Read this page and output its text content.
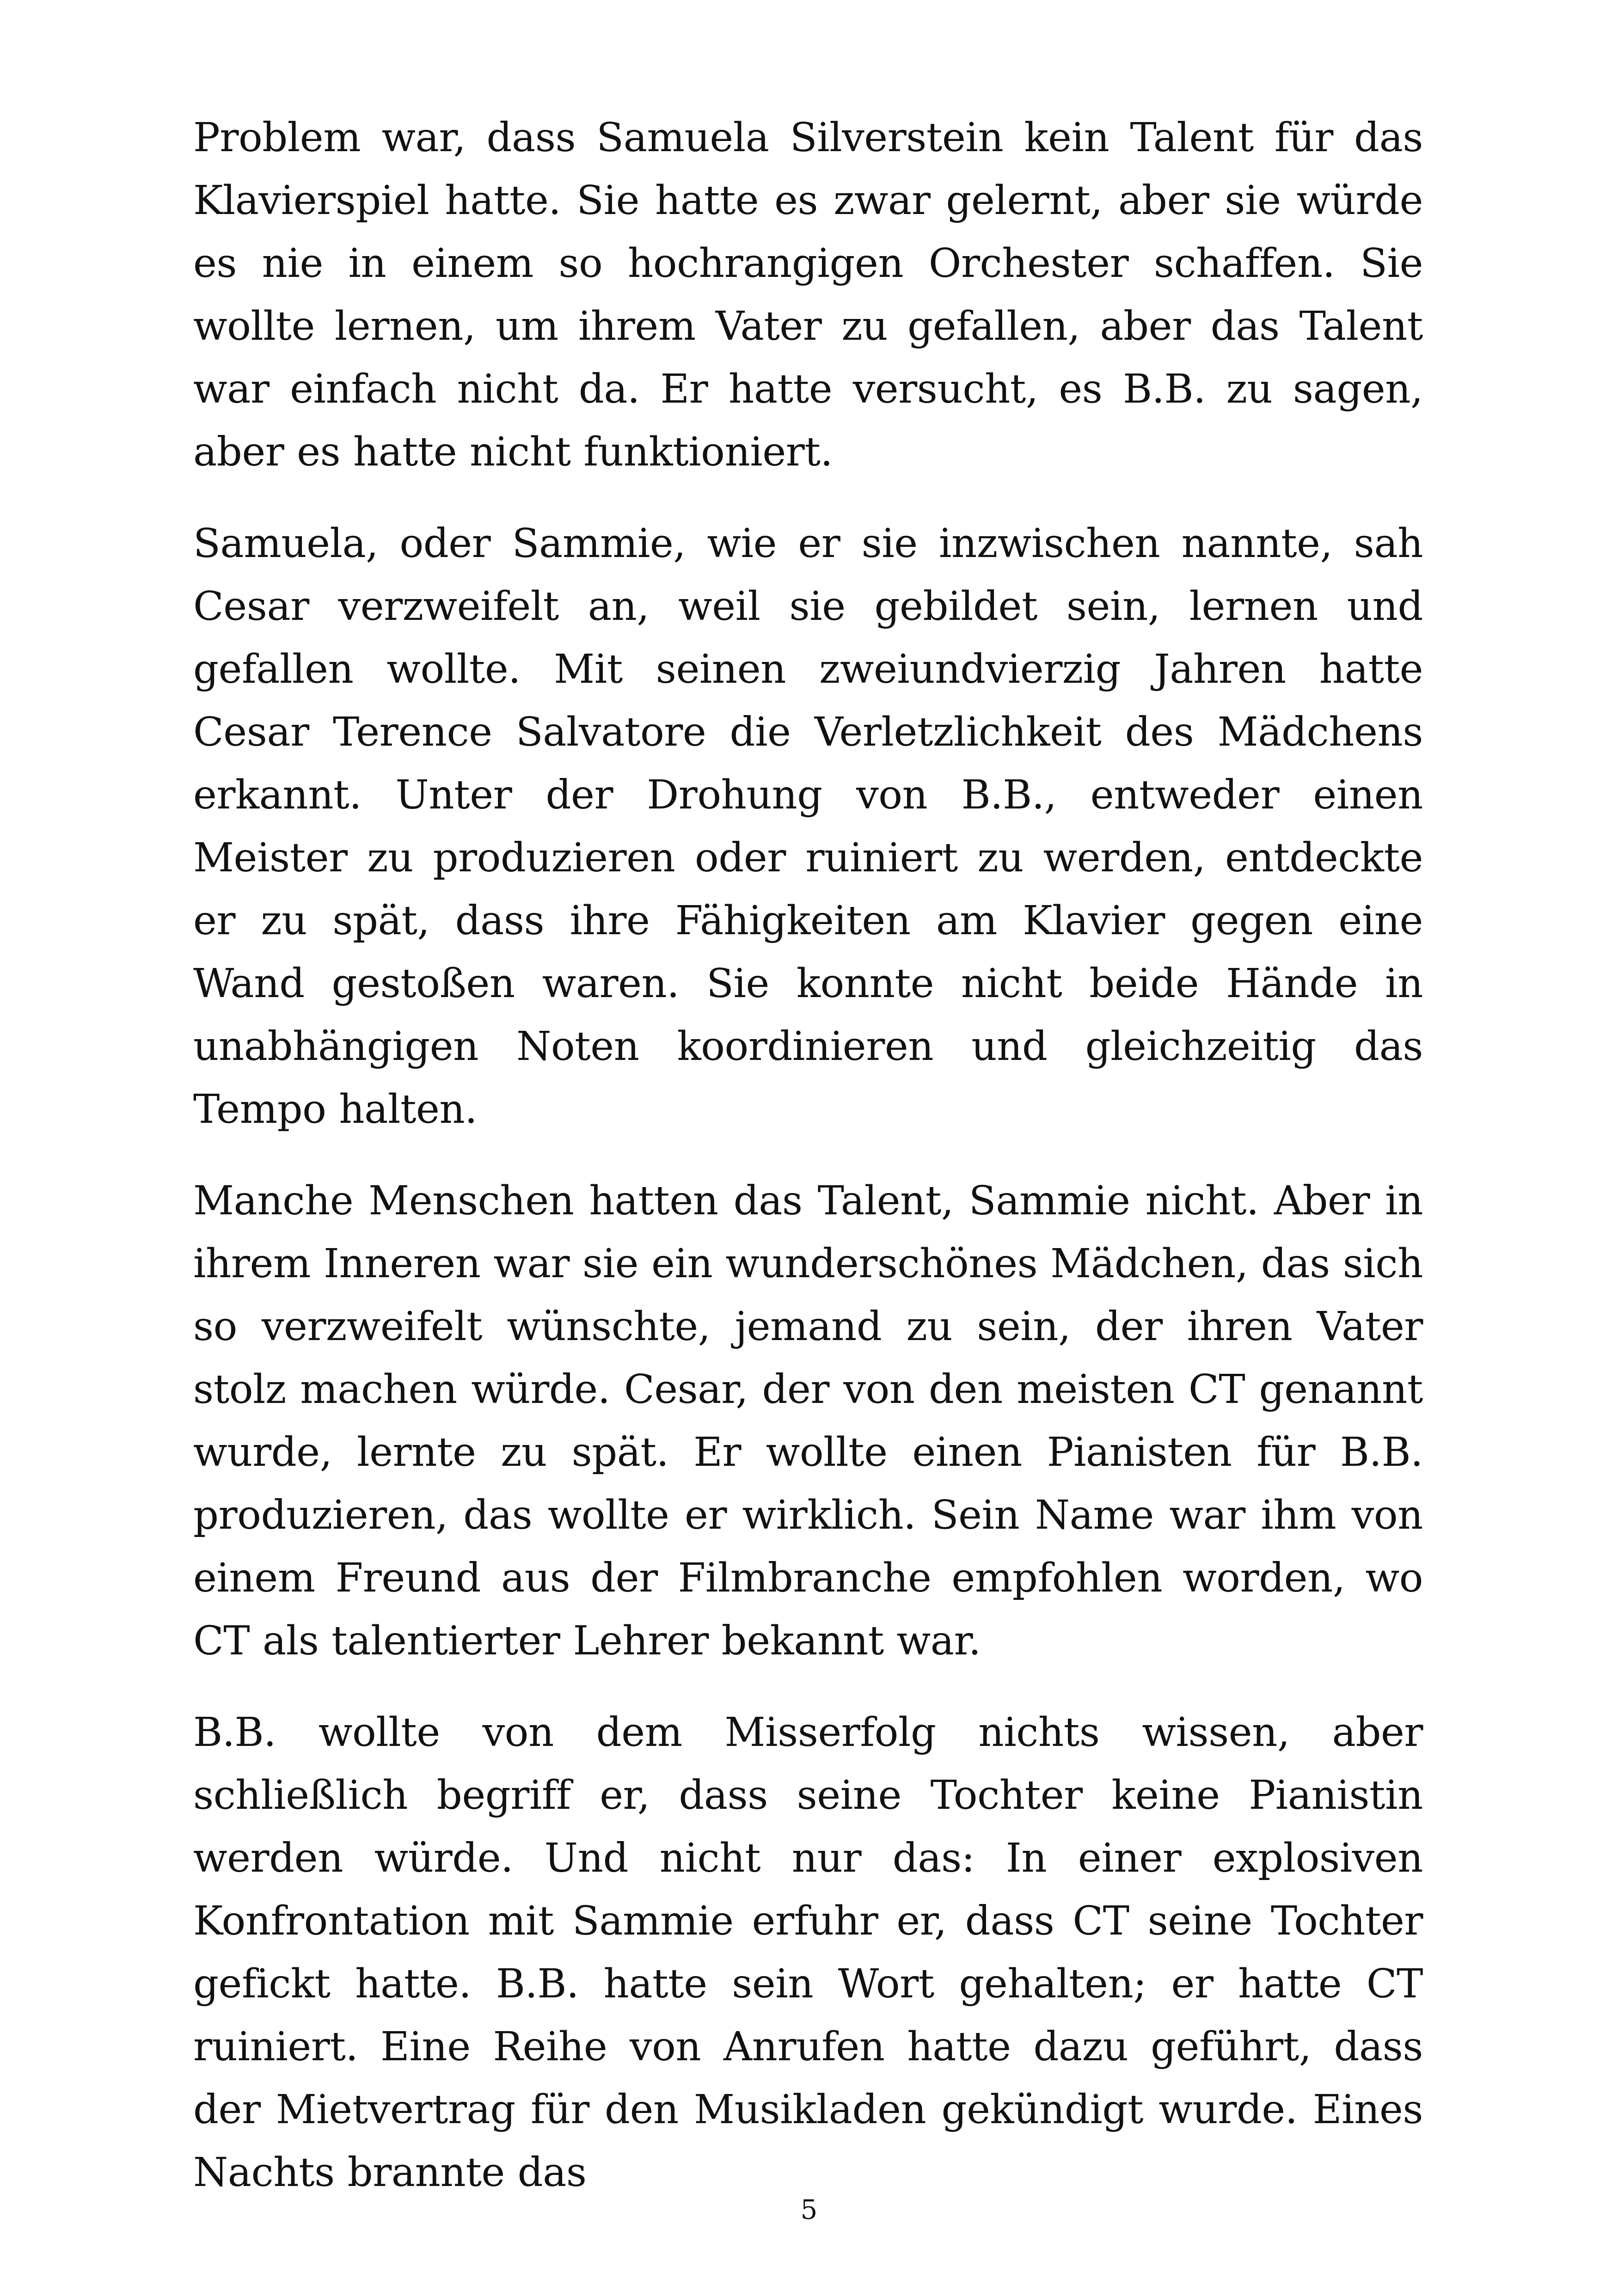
Problem war, dass Samuela Silverstein kein Talent für das Klavierspiel hatte. Sie hatte es zwar gelernt, aber sie würde es nie in einem so hochrangigen Orchester schaffen. Sie wollte lernen, um ihrem Vater zu gefallen, aber das Talent war einfach nicht da. Er hatte versucht, es B.B. zu sagen, aber es hatte nicht funktioniert.

Samuela, oder Sammie, wie er sie inzwischen nannte, sah Cesar verzweifelt an, weil sie gebildet sein, lernen und gefallen wollte. Mit seinen zweiundvierzig Jahren hatte Cesar Terence Salvatore die Verletzlichkeit des Mädchens erkannt. Unter der Drohung von B.B., entweder einen Meister zu produzieren oder ruiniert zu werden, entdeckte er zu spät, dass ihre Fähigkeiten am Klavier gegen eine Wand gestoßen waren. Sie konnte nicht beide Hände in unabhängigen Noten koordinieren und gleichzeitig das Tempo halten.

Manche Menschen hatten das Talent, Sammie nicht. Aber in ihrem Inneren war sie ein wunderschönes Mädchen, das sich so verzweifelt wünschte, jemand zu sein, der ihren Vater stolz machen würde. Cesar, der von den meisten CT genannt wurde, lernte zu spät. Er wollte einen Pianisten für B.B. produzieren, das wollte er wirklich. Sein Name war ihm von einem Freund aus der Filmbranche empfohlen worden, wo CT als talentierter Lehrer bekannt war.

B.B. wollte von dem Misserfolg nichts wissen, aber schließlich begriff er, dass seine Tochter keine Pianistin werden würde. Und nicht nur das: In einer explosiven Konfrontation mit Sammie erfuhr er, dass CT seine Tochter gefickt hatte. B.B. hatte sein Wort gehalten; er hatte CT ruiniert. Eine Reihe von Anrufen hatte dazu geführt, dass der Mietvertrag für den Musikladen gekündigt wurde. Eines Nachts brannte das

5
